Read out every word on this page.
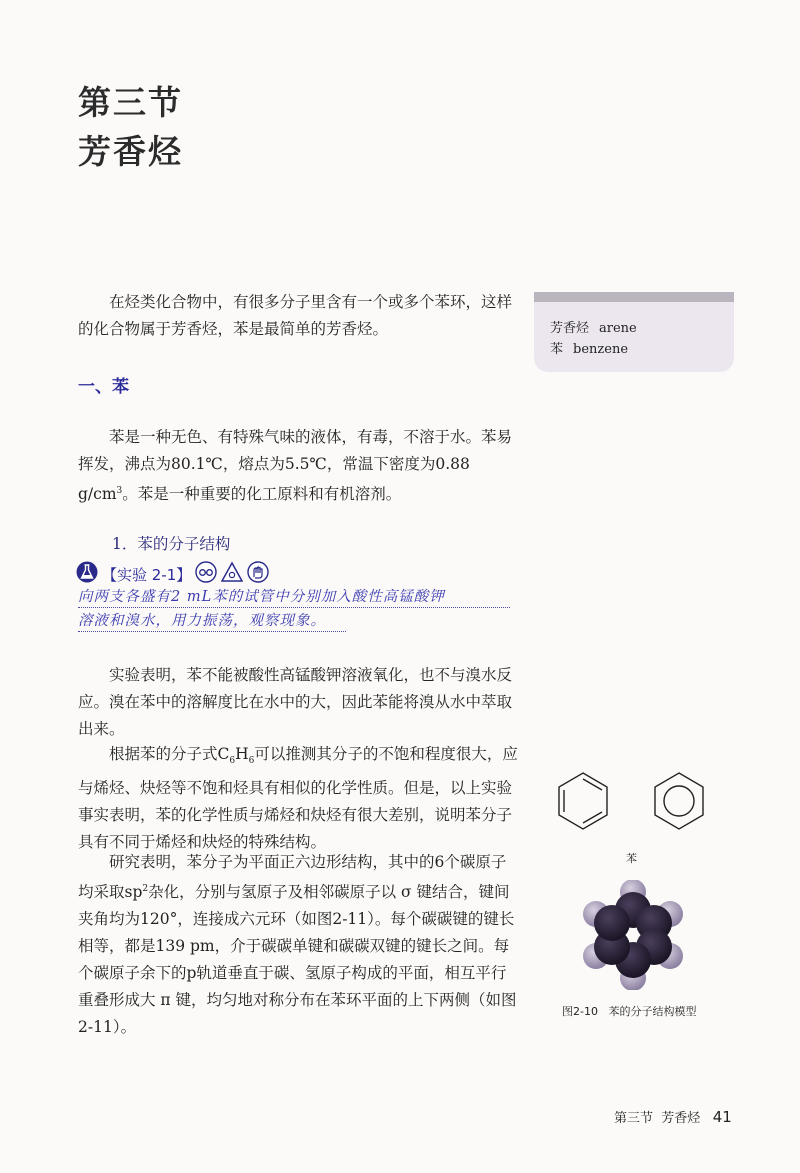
第三节
芳香烃

在烃类化合物中，有很多分子里含有一个或多个苯环，这样的化合物属于芳香烃，苯是最简单的芳香烃。	芳香烃 arene
苯 benzene
一、苯

苯是一种无色、有特殊气味的液体，有毒，不溶于水。苯易挥发，沸点为80.1℃，熔点为5.5℃，常温下密度为0.88 $g/cm^3$。苯是一种重要的化工原料和有机溶剂。

1．苯的分子结构
【实验 2-1】
向两支各盛有2 mL苯的试管中分别加入酸性高锰酸钾
溶液和溴水，用力振荡，观察现象。

实验表明，苯不能被酸性高锰酸钾溶液氧化，也不与溴水反应。溴在苯中的溶解度比在水中的大，因此苯能将溴从水中萃取出来。

根据苯的分子式$C_6H_6$可以推测其分子的不饱和程度很大，应与烯烃、炔烃等不饱和烃具有相似的化学性质。但是，以上实验事实表明，苯的化学性质与烯烃和炔烃有很大差别，说明苯分子具有不同于烯烃和炔烃的特殊结构。

研究表明，苯分子为平面正六边形结构，其中的6个碳原子均采取$sp^2$杂化，分别与氢原子及相邻碳原子以 σ 键结合，键间夹角均为120°，连接成六元环（如图2-11）。每个碳碳键的键长相等，都是139 pm，介于碳碳单键和碳碳双键的键长之间。每个碳原子余下的p轨道垂直于碳、氢原子构成的平面，相互平行重叠形成大 π 键，均匀地对称分布在苯环平面的上下两侧（如图2-11）。

苯
图2-10 苯的分子结构模型
第三节 芳香烃 41
